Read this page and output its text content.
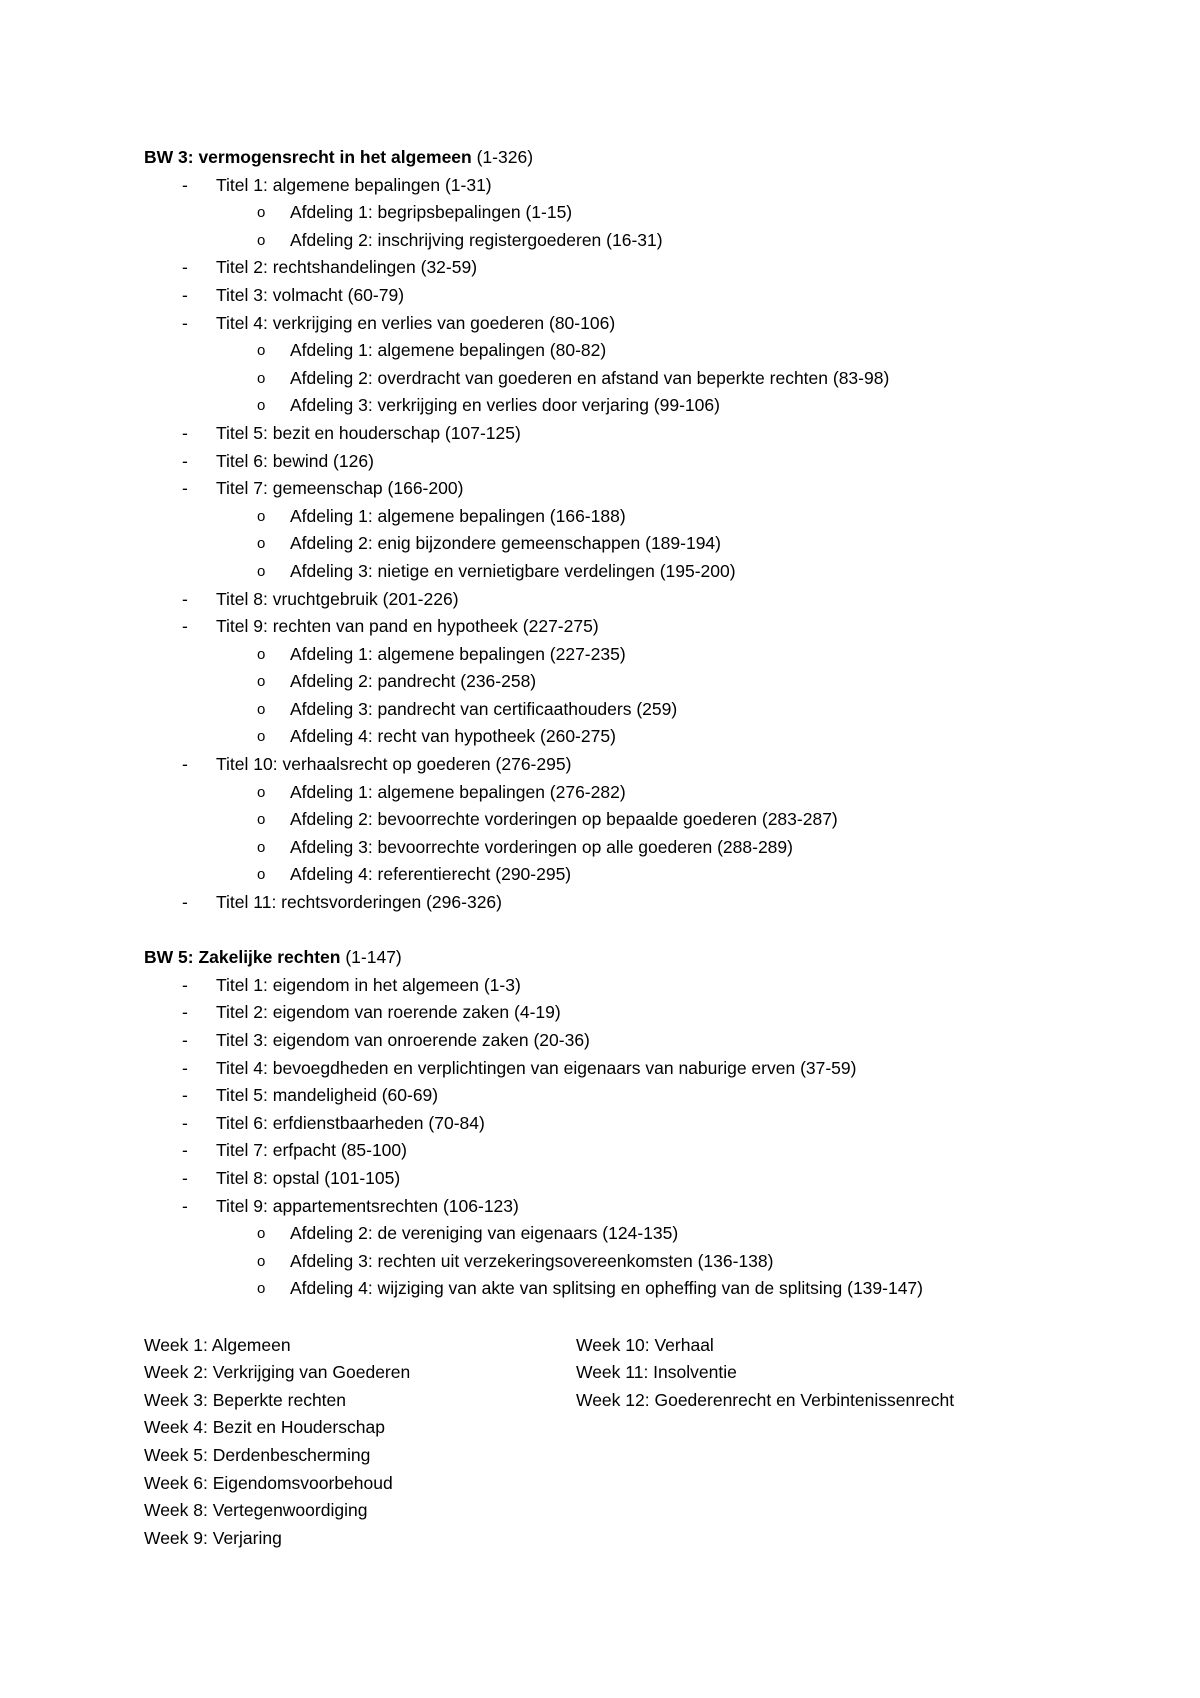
BW 3: vermogensrecht in het algemeen (1-326)
- Titel 1: algemene bepalingen (1-31)
o Afdeling 1: begripsbepalingen (1-15)
o Afdeling 2: inschrijving registergoederen (16-31)
- Titel 2: rechtshandelingen (32-59)
- Titel 3: volmacht (60-79)
- Titel 4: verkrijging en verlies van goederen (80-106)
o Afdeling 1: algemene bepalingen (80-82)
o Afdeling 2: overdracht van goederen en afstand van beperkte rechten (83-98)
o Afdeling 3: verkrijging en verlies door verjaring (99-106)
- Titel 5: bezit en houderschap (107-125)
- Titel 6: bewind (126)
- Titel 7: gemeenschap (166-200)
o Afdeling 1: algemene bepalingen (166-188)
o Afdeling 2: enig bijzondere gemeenschappen (189-194)
o Afdeling 3: nietige en vernietigbare verdelingen (195-200)
- Titel 8: vruchtgebruik (201-226)
- Titel 9: rechten van pand en hypotheek (227-275)
o Afdeling 1: algemene bepalingen (227-235)
o Afdeling 2: pandrecht (236-258)
o Afdeling 3: pandrecht van certificaathouders (259)
o Afdeling 4: recht van hypotheek (260-275)
- Titel 10: verhaalsrecht op goederen (276-295)
o Afdeling 1: algemene bepalingen (276-282)
o Afdeling 2: bevoorrechte vorderingen op bepaalde goederen (283-287)
o Afdeling 3: bevoorrechte vorderingen op alle goederen (288-289)
o Afdeling 4: referentierecht (290-295)
- Titel 11: rechtsvorderingen (296-326)
BW 5: Zakelijke rechten (1-147)
- Titel 1: eigendom in het algemeen (1-3)
- Titel 2: eigendom van roerende zaken (4-19)
- Titel 3: eigendom van onroerende zaken (20-36)
- Titel 4: bevoegdheden en verplichtingen van eigenaars van naburige erven (37-59)
- Titel 5: mandeligheid (60-69)
- Titel 6: erfdienstbaarheden (70-84)
- Titel 7: erfpacht (85-100)
- Titel 8: opstal (101-105)
- Titel 9: appartementsrechten (106-123)
o Afdeling 2: de vereniging van eigenaars (124-135)
o Afdeling 3: rechten uit verzekeringsovereenkomsten (136-138)
o Afdeling 4: wijziging van akte van splitsing en opheffing van de splitsing (139-147)
Week 1: Algemeen
Week 2: Verkrijging van Goederen
Week 3: Beperkte rechten
Week 4: Bezit en Houderschap
Week 5: Derdenbescherming
Week 6: Eigendomsvoorbehoud
Week 8: Vertegenwoordiging
Week 9: Verjaring
Week 10: Verhaal
Week 11: Insolventie
Week 12: Goederenrecht en Verbintenissenrecht
